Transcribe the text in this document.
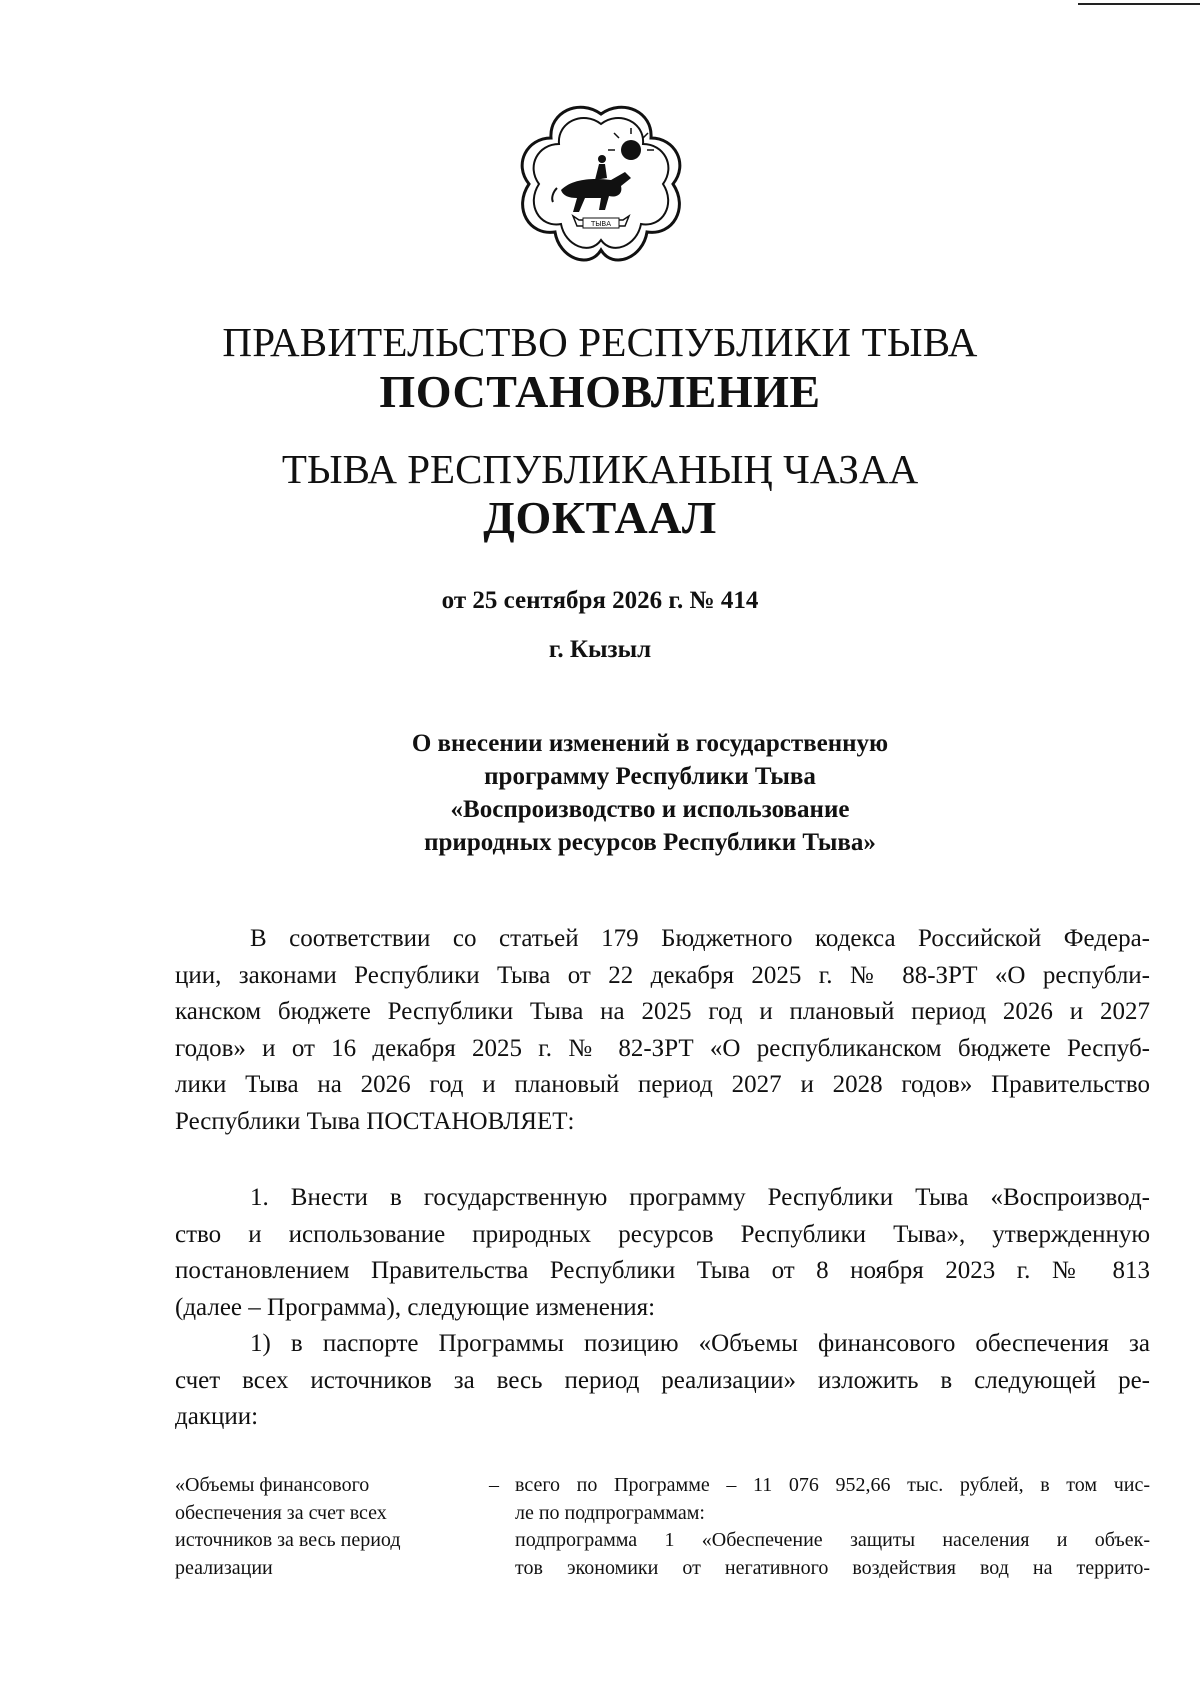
ТЫВА
ПРАВИТЕЛЬСТВО РЕСПУБЛИКИ ТЫВА
ПОСТАНОВЛЕНИЕ
ТЫВА РЕСПУБЛИКАНЫҢ ЧАЗАА
ДОКТААЛ
от 25 сентября 2026 г. № 414
г. Кызыл
О внесении изменений в государственную
программу Республики Тыва
«Воспроизводство и использование
природных ресурсов Республики Тыва»
В соответствии со статьей 179 Бюджетного кодекса Российской Федера-
ции, законами Республики Тыва от 22 декабря 2025 г. № 88-ЗРТ «О республи-
канском бюджете Республики Тыва на 2025 год и плановый период 2026 и 2027
годов» и от 16 декабря 2025 г. № 82-ЗРТ «О республиканском бюджете Респуб-
лики Тыва на 2026 год и плановый период 2027 и 2028 годов» Правительство
Республики Тыва ПОСТАНОВЛЯЕТ:
1. Внести в государственную программу Республики Тыва «Воспроизвод-
ство и использование природных ресурсов Республики Тыва», утвержденную
постановлением Правительства Республики Тыва от 8 ноября 2023 г. № 813
(далее – Программа), следующие изменения:
1) в паспорте Программы позицию «Объемы финансового обеспечения за
счет всех источников за весь период реализации» изложить в следующей ре-
дакции:
«Объемы финансового
обеспечения за счет всех
источников за весь период
реализации
– всего по Программе – 11 076 952,66 тыс. рублей, в том чис-
ле по подпрограммам:
подпрограмма 1 «Обеспечение защиты населения и объек-
тов экономики от негативного воздействия вод на террито-
